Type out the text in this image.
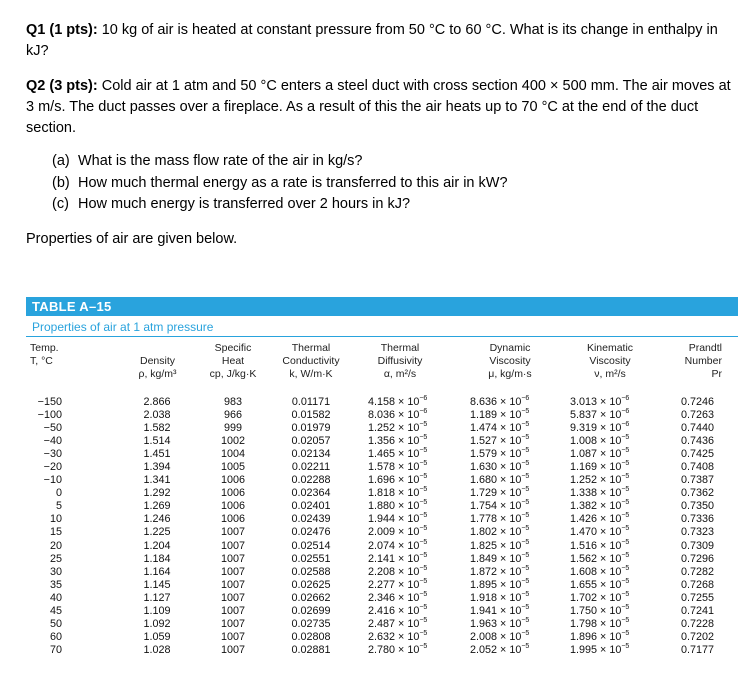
Q1 (1 pts): 10 kg of air is heated at constant pressure from 50 °C to 60 °C. What is its change in enthalpy in kJ?
Q2 (3 pts): Cold air at 1 atm and 50 °C enters a steel duct with cross section 400 × 500 mm. The air moves at 3 m/s. The duct passes over a fireplace. As a result of this the air heats up to 70 °C at the end of the duct section.
(a) What is the mass flow rate of the air in kg/s?
(b) How much thermal energy as a rate is transferred to this air in kW?
(c) How much energy is transferred over 2 hours in kJ?
Properties of air are given below.
TABLE A–15
Properties of air at 1 atm pressure
Temp.
T, °C
	Density
ρ, kg/m³
Specific
Heat
cp, J/kg·K
Thermal
Conductivity
k, W/m·K
Thermal
Diffusivity
α, m²/s
Dynamic
Viscosity
μ, kg/m·s
Kinematic
Viscosity
ν, m²/s
Prandtl
Number
Pr
−150
−100
−50
−40
−30
−20
−10
0
5
10
15
20
25
30
35
40
45
50
60
70
2.866
2.038
1.582
1.514
1.451
1.394
1.341
1.292
1.269
1.246
1.225
1.204
1.184
1.164
1.145
1.127
1.109
1.092
1.059
1.028
983
966
999
1002
1004
1005
1006
1006
1006
1006
1007
1007
1007
1007
1007
1007
1007
1007
1007
1007
0.01171
0.01582
0.01979
0.02057
0.02134
0.02211
0.02288
0.02364
0.02401
0.02439
0.02476
0.02514
0.02551
0.02588
0.02625
0.02662
0.02699
0.02735
0.02808
0.02881
$4.158 \times 10^{-6}$
$8.036 \times 10^{-6}$
$1.252 \times 10^{-5}$
$1.356 \times 10^{-5}$
$1.465 \times 10^{-5}$
$1.578 \times 10^{-5}$
$1.696 \times 10^{-5}$
$1.818 \times 10^{-5}$
$1.880 \times 10^{-5}$
$1.944 \times 10^{-5}$
$2.009 \times 10^{-5}$
$2.074 \times 10^{-5}$
$2.141 \times 10^{-5}$
$2.208 \times 10^{-5}$
$2.277 \times 10^{-5}$
$2.346 \times 10^{-5}$
$2.416 \times 10^{-5}$
$2.487 \times 10^{-5}$
$2.632 \times 10^{-5}$
$2.780 \times 10^{-5}$
$8.636 \times 10^{-6}$
$1.189 \times 10^{-5}$
$1.474 \times 10^{-5}$
$1.527 \times 10^{-5}$
$1.579 \times 10^{-5}$
$1.630 \times 10^{-5}$
$1.680 \times 10^{-5}$
$1.729 \times 10^{-5}$
$1.754 \times 10^{-5}$
$1.778 \times 10^{-5}$
$1.802 \times 10^{-5}$
$1.825 \times 10^{-5}$
$1.849 \times 10^{-5}$
$1.872 \times 10^{-5}$
$1.895 \times 10^{-5}$
$1.918 \times 10^{-5}$
$1.941 \times 10^{-5}$
$1.963 \times 10^{-5}$
$2.008 \times 10^{-5}$
$2.052 \times 10^{-5}$
$3.013 \times 10^{-6}$
$5.837 \times 10^{-6}$
$9.319 \times 10^{-6}$
$1.008 \times 10^{-5}$
$1.087 \times 10^{-5}$
$1.169 \times 10^{-5}$
$1.252 \times 10^{-5}$
$1.338 \times 10^{-5}$
$1.382 \times 10^{-5}$
$1.426 \times 10^{-5}$
$1.470 \times 10^{-5}$
$1.516 \times 10^{-5}$
$1.562 \times 10^{-5}$
$1.608 \times 10^{-5}$
$1.655 \times 10^{-5}$
$1.702 \times 10^{-5}$
$1.750 \times 10^{-5}$
$1.798 \times 10^{-5}$
$1.896 \times 10^{-5}$
$1.995 \times 10^{-5}$
0.7246
0.7263
0.7440
0.7436
0.7425
0.7408
0.7387
0.7362
0.7350
0.7336
0.7323
0.7309
0.7296
0.7282
0.7268
0.7255
0.7241
0.7228
0.7202
0.7177
